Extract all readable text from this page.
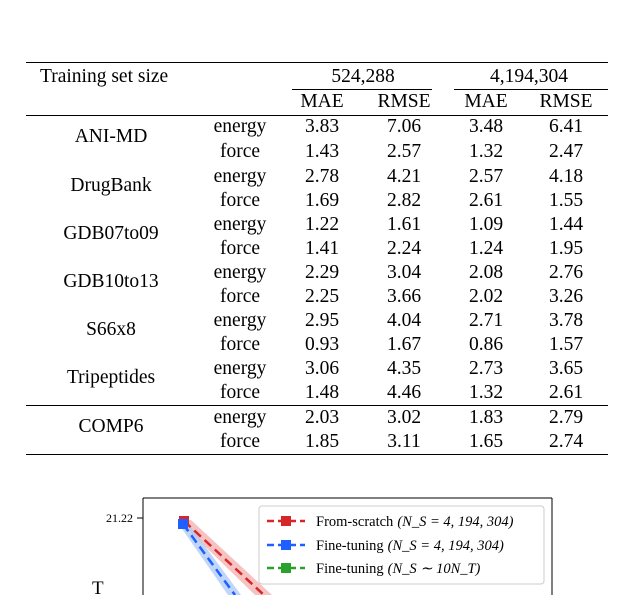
Training set size	524,288	4,194,304
MAE RMSE MAE RMSE
ANI-MD	energy 3.83 7.06 3.48 6.41
force 1.43 2.57 1.32 2.47
DrugBank	energy 2.78 4.21 2.57 4.18
force 1.69 2.82 2.61 1.55
GDB07to09	energy 1.22 1.61 1.09 1.44
force 1.41 2.24 1.24 1.95
GDB10to13	energy 2.29 3.04 2.08 2.76
force 2.25 3.66 2.02 3.26
S66x8	energy 2.95 4.04 2.71 3.78
force 0.93 1.67 0.86 1.57
Tripeptides	energy 3.06 4.35 2.73 3.65
force 1.48 4.46 1.32 2.61
COMP6	energy 2.03 3.02 1.83 2.79
force 1.85 3.11 1.65 2.74
21.22
T
From-scratch (N_S = 4, 194, 304)
Fine-tuning (N_S = 4, 194, 304)
Fine-tuning (N_S ∼ 10N_T)
